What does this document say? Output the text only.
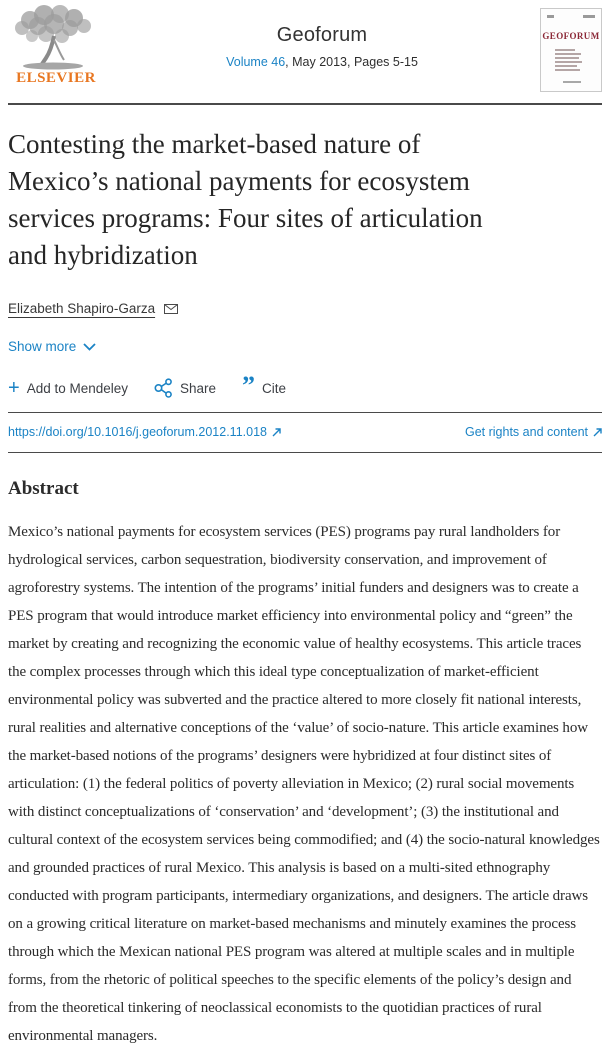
ELSEVIER
Geoforum
Volume 46, May 2013, Pages 5-15
GEOFORUM
Contesting the market-based nature of
Mexico’s national payments for ecosystem
services programs: Four sites of articulation
and hybridization
Elizabeth Shapiro-Garza
Show more
+ Add to Mendeley	Share ” Cite
https://doi.org/10.1016/j.geoforum.2012.11.018	Get rights and content
Abstract

Mexico’s national payments for ecosystem services (PES) programs pay rural landholders for hydrological services, carbon sequestration, biodiversity conservation, and improvement of agroforestry systems. The intention of the programs’ initial funders and designers was to create a PES program that would introduce market efficiency into environmental policy and “green” the market by creating and recognizing the economic value of healthy ecosystems. This article traces the complex processes through which this ideal type conceptualization of market-efficient environmental policy was subverted and the practice altered to more closely fit national interests, rural realities and alternative conceptions of the ‘value’ of socio-nature. This article examines how the market-based notions of the programs’ designers were hybridized at four distinct sites of articulation: (1) the federal politics of poverty alleviation in Mexico; (2) rural social movements with distinct conceptualizations of ‘conservation’ and ‘development’; (3) the institutional and cultural context of the ecosystem services being commodified; and (4) the socio-natural knowledges and grounded practices of rural Mexico. This analysis is based on a multi-sited ethnography conducted with program participants, intermediary organizations, and designers. The article draws on a growing critical literature on market-based mechanisms and minutely examines the process through which the Mexican national PES program was altered at multiple scales and in multiple forms, from the rhetoric of political speeches to the specific elements of the policy’s design and from the theoretical tinkering of neoclassical economists to the quotidian practices of rural environmental managers.
